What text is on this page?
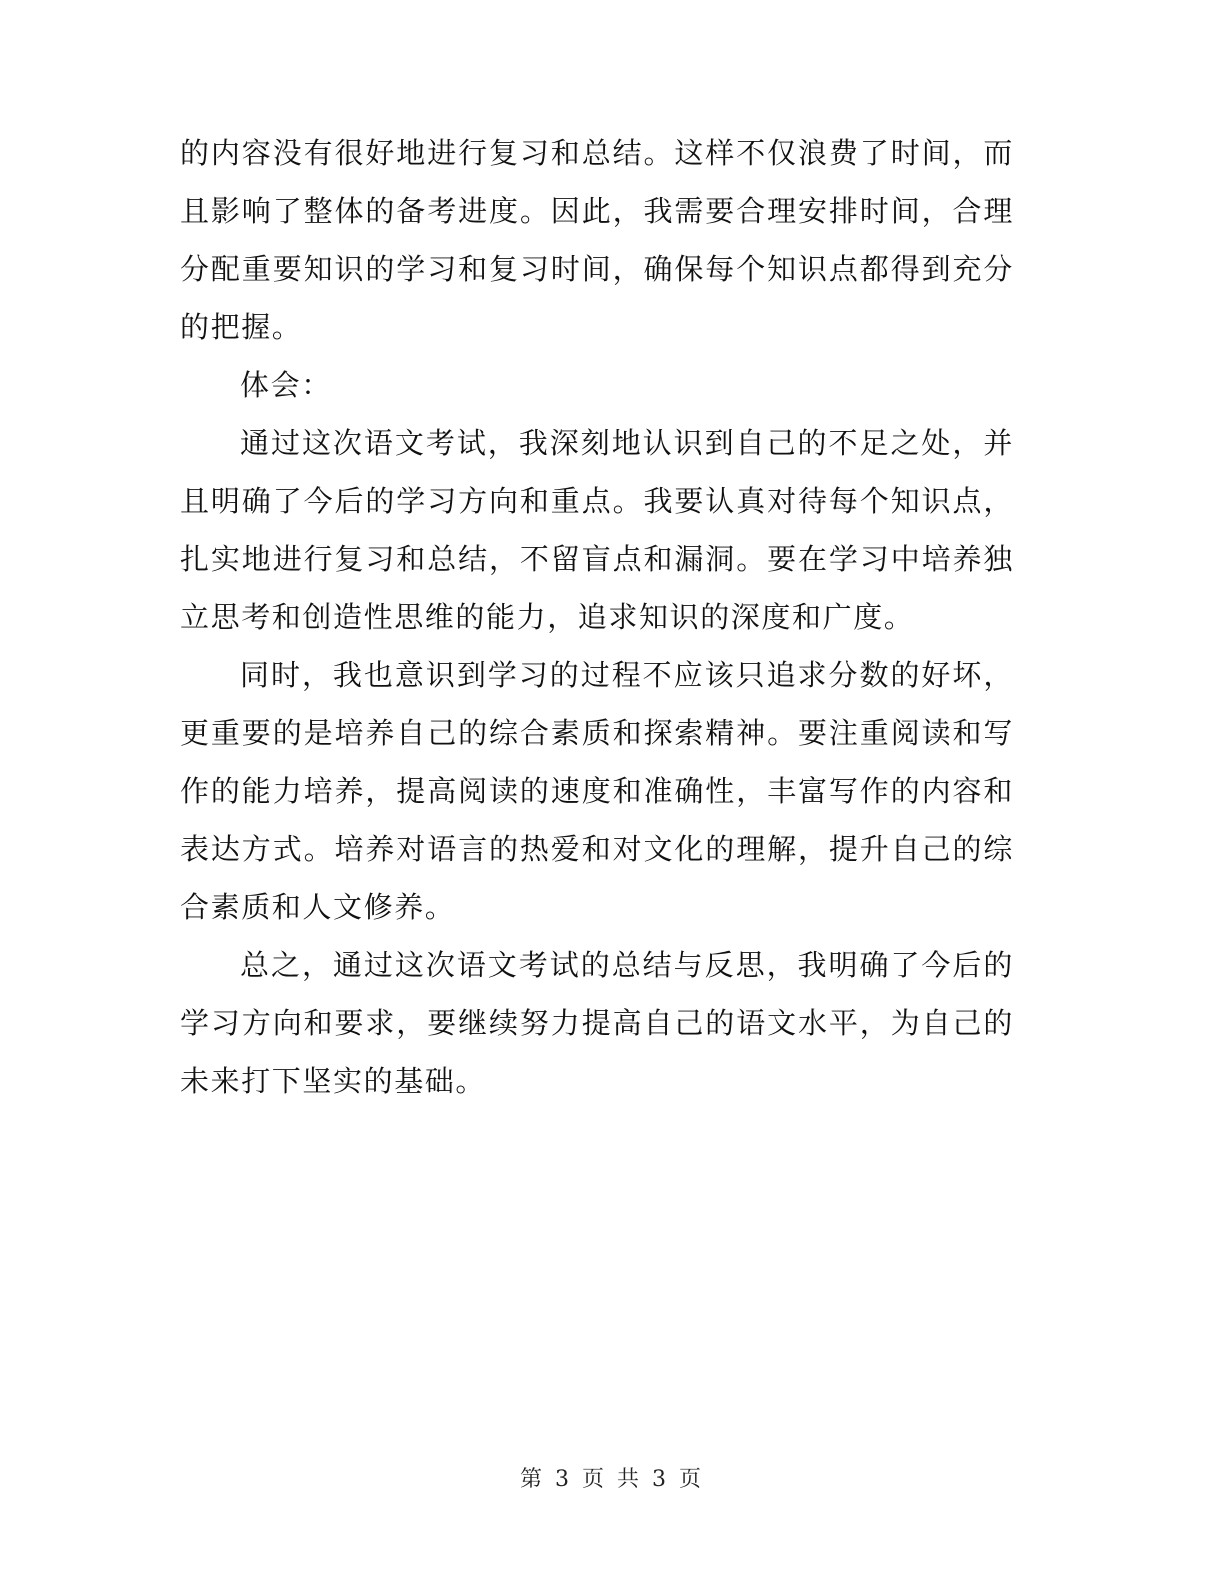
的内容没有很好地进行复习和总结。这样不仅浪费了时间，而且影响了整体的备考进度。因此，我需要合理安排时间，合理分配重要知识的学习和复习时间，确保每个知识点都得到充分的把握。

体会：

通过这次语文考试，我深刻地认识到自己的不足之处，并且明确了今后的学习方向和重点。我要认真对待每个知识点，扎实地进行复习和总结，不留盲点和漏洞。要在学习中培养独立思考和创造性思维的能力，追求知识的深度和广度。

同时，我也意识到学习的过程不应该只追求分数的好坏，更重要的是培养自己的综合素质和探索精神。要注重阅读和写作的能力培养，提高阅读的速度和准确性，丰富写作的内容和表达方式。培养对语言的热爱和对文化的理解，提升自己的综合素质和人文修养。

总之，通过这次语文考试的总结与反思，我明确了今后的学习方向和要求，要继续努力提高自己的语文水平，为自己的未来打下坚实的基础。

第 3 页 共 3 页
